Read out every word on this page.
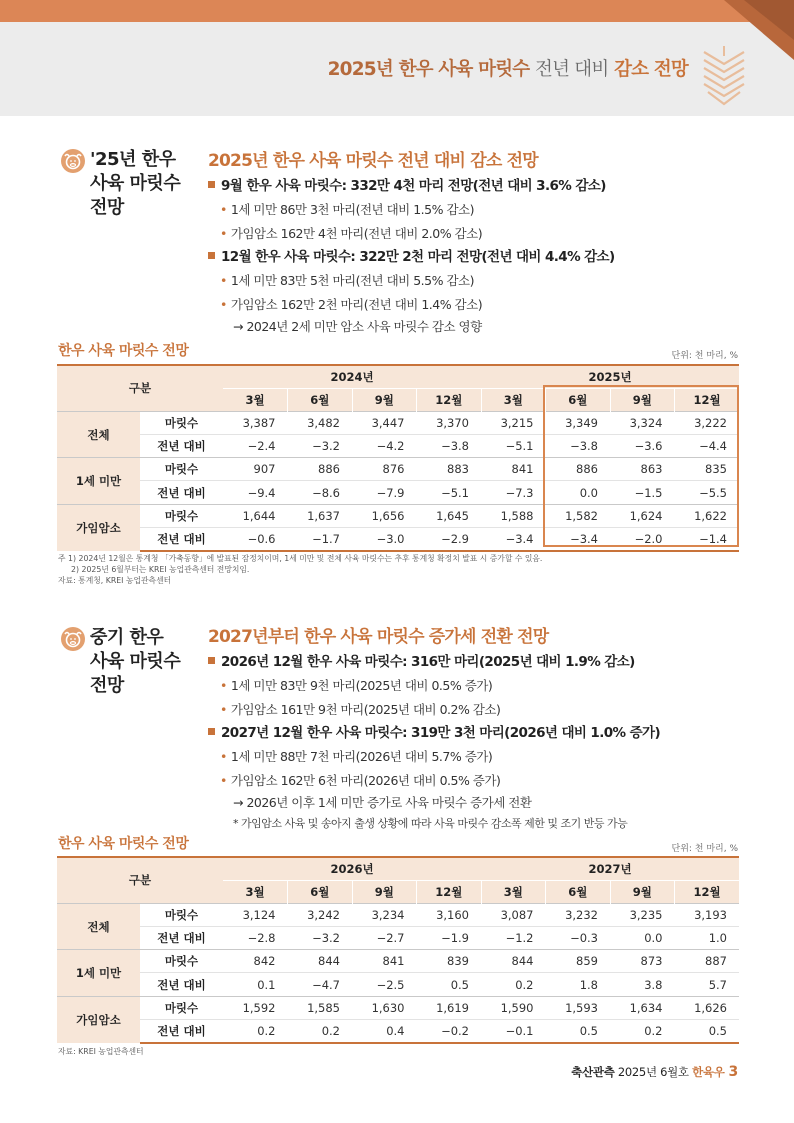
2025년 한우 사육 마릿수 전년 대비 감소 전망
'25년 한우
사육 마릿수
전망
2025년 한우 사육 마릿수 전년 대비 감소 전망
9월 한우 사육 마릿수: 332만 4천 마리 전망(전년 대비 3.6% 감소)
• 1세 미만 86만 3천 마리(전년 대비 1.5% 감소)
• 가임암소 162만 4천 마리(전년 대비 2.0% 감소)
12월 한우 사육 마릿수: 322만 2천 마리 전망(전년 대비 4.4% 감소)
• 1세 미만 83만 5천 마리(전년 대비 5.5% 감소)
• 가임암소 162만 2천 마리(전년 대비 1.4% 감소)
→ 2024년 2세 미만 암소 사육 마릿수 감소 영향
한우 사육 마릿수 전망	단위: 천 마리, %
구분		2024년				2025년			
		3월	6월	9월	12월	3월	6월	9월	12월
전체	마릿수	3,387	3,482	3,447	3,370	3,215	3,349	3,324	3,222
	전년 대비	−2.4	−3.2	−4.2	−3.8	−5.1	−3.8	−3.6	−4.4
1세 미만	마릿수	907	886	876	883	841	886	863	835
	전년 대비	−9.4	−8.6	−7.9	−5.1	−7.3	0.0	−1.5	−5.5
가임암소	마릿수	1,644	1,637	1,656	1,645	1,588	1,582	1,624	1,622
	전년 대비	−0.6	−1.7	−3.0	−2.9	−3.4	−3.4	−2.0	−1.4
주 1) 2024년 12월은 통계청 「가축동향」에 발표된 잠정치이며, 1세 미만 및 전체 사육 마릿수는 추후 통계청 확정치 발표 시 증가할 수 있음.
2) 2025년 6월부터는 KREI 농업관측센터 전망치임.
자료: 통계청, KREI 농업관측센터
중기 한우
사육 마릿수
전망
2027년부터 한우 사육 마릿수 증가세 전환 전망
2026년 12월 한우 사육 마릿수: 316만 마리(2025년 대비 1.9% 감소)
• 1세 미만 83만 9천 마리(2025년 대비 0.5% 증가)
• 가임암소 161만 9천 마리(2025년 대비 0.2% 감소)
2027년 12월 한우 사육 마릿수: 319만 3천 마리(2026년 대비 1.0% 증가)
• 1세 미만 88만 7천 마리(2026년 대비 5.7% 증가)
• 가임암소 162만 6천 마리(2026년 대비 0.5% 증가)
→ 2026년 이후 1세 미만 증가로 사육 마릿수 증가세 전환
* 가임암소 사육 및 송아지 출생 상황에 따라 사육 마릿수 감소폭 제한 및 조기 반등 가능
한우 사육 마릿수 전망	단위: 천 마리, %
구분		2026년				2027년			
		3월	6월	9월	12월	3월	6월	9월	12월
전체	마릿수	3,124	3,242	3,234	3,160	3,087	3,232	3,235	3,193
	전년 대비	−2.8	−3.2	−2.7	−1.9	−1.2	−0.3	0.0	1.0
1세 미만	마릿수	842	844	841	839	844	859	873	887
	전년 대비	0.1	−4.7	−2.5	0.5	0.2	1.8	3.8	5.7
가임암소	마릿수	1,592	1,585	1,630	1,619	1,590	1,593	1,634	1,626
	전년 대비	0.2	0.2	0.4	−0.2	−0.1	0.5	0.2	0.5
자료: KREI 농업관측센터
축산관측 2025년 6월호 한육우 3
